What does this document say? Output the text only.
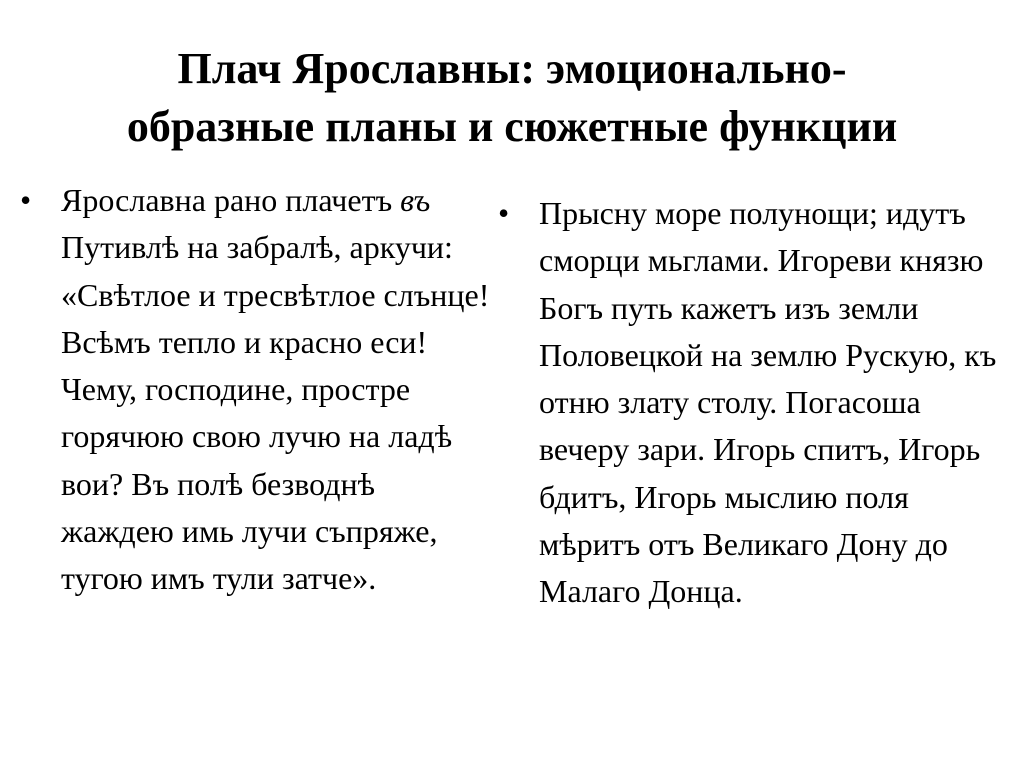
Плач Ярославны: эмоционально-
образные планы и сюжетные функции
• Ярославна рано плачетъ въ Путивлѣ на забралѣ, аркучи: «Свѣтлое и тресвѣтлое слънце! Всѣмъ тепло и красно еси! Чему, господине, простре горячюю свою лучю на ладѣ вои? Въ полѣ безводнѣ жаждею имь лучи съпряже, тугою имъ тули затче».
• Прысну море полунощи; идутъ сморци мьглами. Игореви князю Богъ путь кажетъ изъ земли Половецкой на землю Рускую, къ отню злату столу. Погасоша вечеру зари. Игорь спитъ, Игорь бдитъ, Игорь мыслию поля мѣритъ отъ Великаго Дону до Малаго Донца.
